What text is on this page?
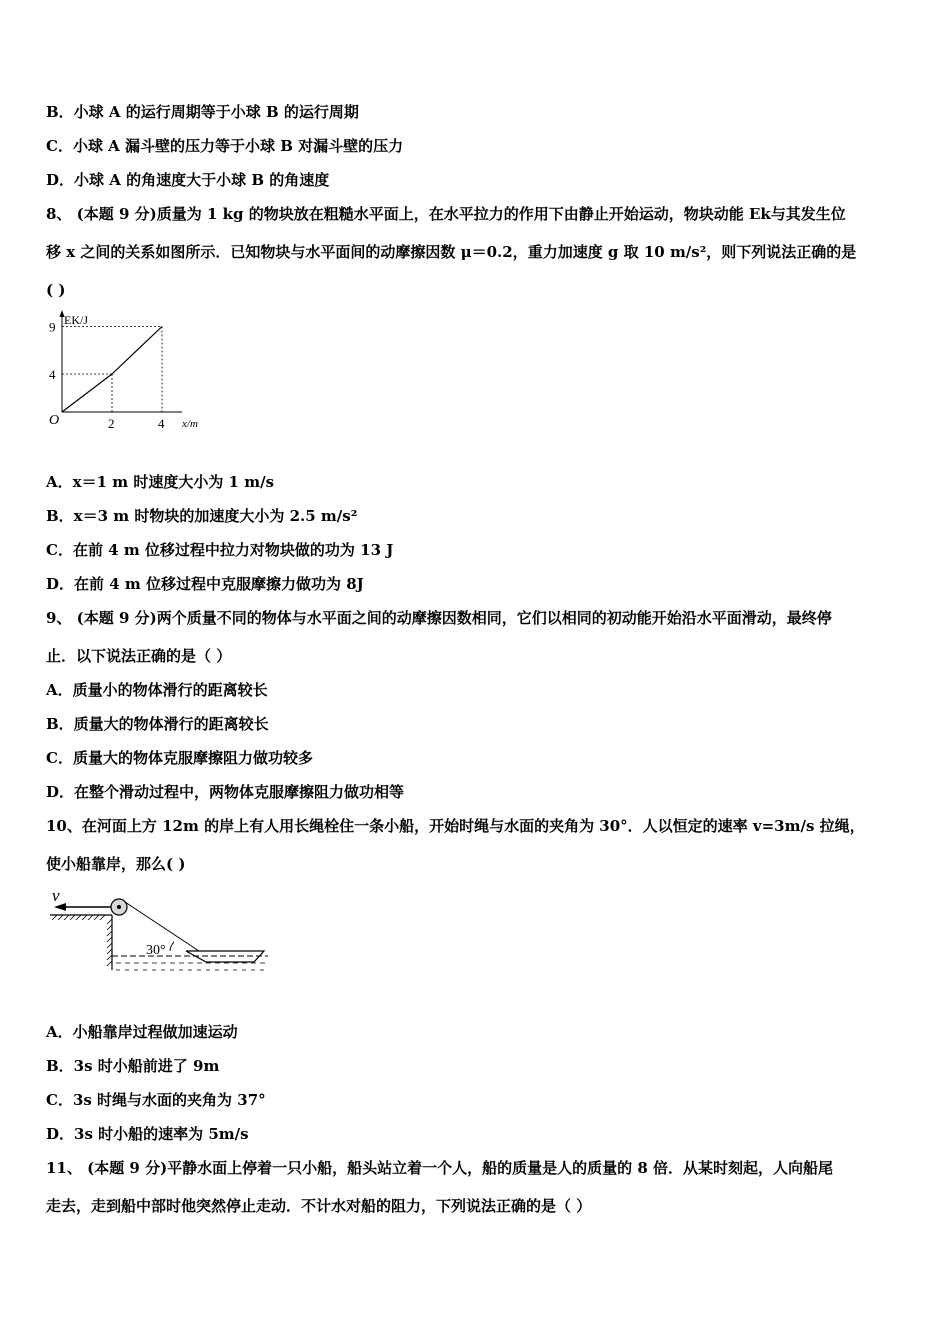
B．小球 A 的运行周期等于小球 B 的运行周期
C．小球 A 漏斗壁的压力等于小球 B 对漏斗壁的压力
D．小球 A 的角速度大于小球 B 的角速度
8、 (本题 9 分)质量为 1 kg 的物块放在粗糙水平面上，在水平拉力的作用下由静止开始运动，物块动能 Ek与其发生位
移 x 之间的关系如图所示．已知物块与水平面间的动摩擦因数 μ＝0.2，重力加速度 g 取 10 m/s²，则下列说法正确的是
( )
EK/J
x/m
O
4
9
2	4
A．x＝1 m 时速度大小为 1 m/s
B．x＝3 m 时物块的加速度大小为 2.5 m/s²
C．在前 4 m 位移过程中拉力对物块做的功为 13 J
D．在前 4 m 位移过程中克服摩擦力做功为 8J
9、 (本题 9 分)两个质量不同的物体与水平面之间的动摩擦因数相同，它们以相同的初动能开始沿水平面滑动，最终停
止．以下说法正确的是（ ）
A．质量小的物体滑行的距离较长
B．质量大的物体滑行的距离较长
C．质量大的物体克服摩擦阻力做功较多
D．在整个滑动过程中，两物体克服摩擦阻力做功相等
10、在河面上方 12m 的岸上有人用长绳栓住一条小船，开始时绳与水面的夹角为 30°．人以恒定的速率 v=3m/s 拉绳，
使小船靠岸，那么( )
v
30°
A．小船靠岸过程做加速运动
B．3s 时小船前进了 9m
C．3s 时绳与水面的夹角为 37°
D．3s 时小船的速率为 5m/s
11、 (本题 9 分)平静水面上停着一只小船，船头站立着一个人，船的质量是人的质量的 8 倍．从某时刻起，人向船尾
走去，走到船中部时他突然停止走动．不计水对船的阻力，下列说法正确的是（ ）
